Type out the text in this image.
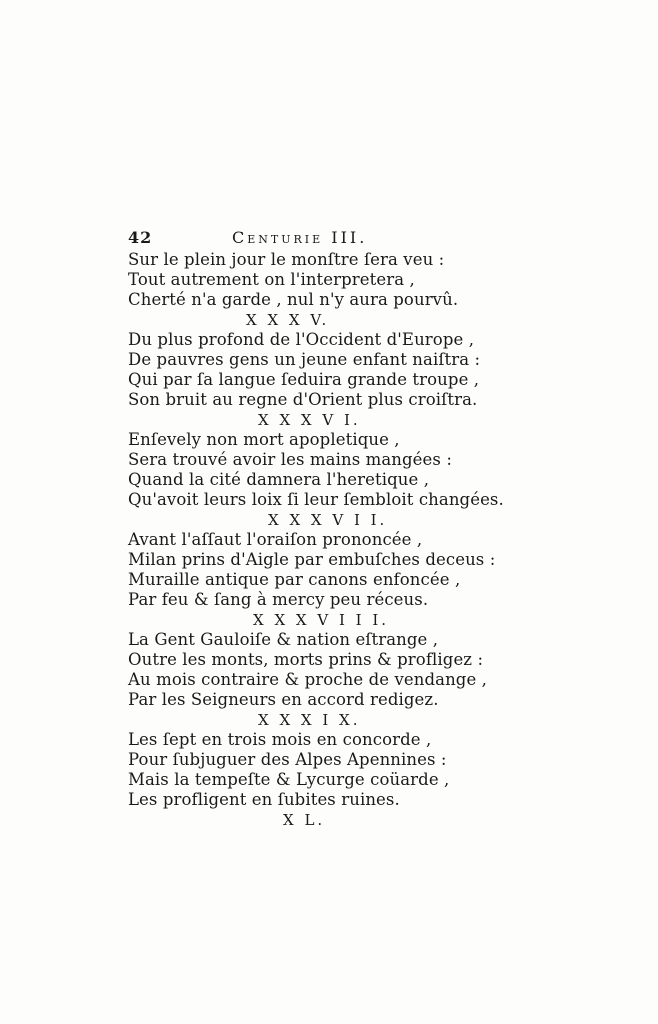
42	Centurie III.
Sur le plein jour le monſtre ſera veu :
Tout autrement on l'interpretera ,
Cherté n'a garde , nul n'y aura pourvû.
X X X V.
Du plus profond de l'Occident d'Europe ,
De pauvres gens un jeune enfant naiſtra :
Qui par ſa langue ſeduira grande troupe ,
Son bruit au regne d'Orient plus croiſtra.
X X X V I.
Enſevely non mort apopletique ,
Sera trouvé avoir les mains mangées :
Quand la cité damnera l'heretique ,
Qu'avoit leurs loix ſi leur ſembloit changées.
X X X V I I.
Avant l'aſſaut l'oraiſon prononcée ,
Milan prins d'Aigle par embuſches deceus :
Muraille antique par canons enfoncée ,
Par feu & ſang à mercy peu réceus.
X X X V I I I.
La Gent Gauloiſe & nation eſtrange ,
Outre les monts, morts prins & profligez :
Au mois contraire & proche de vendange ,
Par les Seigneurs en accord redigez.
X X X I X.
Les ſept en trois mois en concorde ,
Pour ſubjuguer des Alpes Apennines :
Mais la tempeſte & Lycurge coüarde ,
Les profligent en ſubites ruines.
X L.
